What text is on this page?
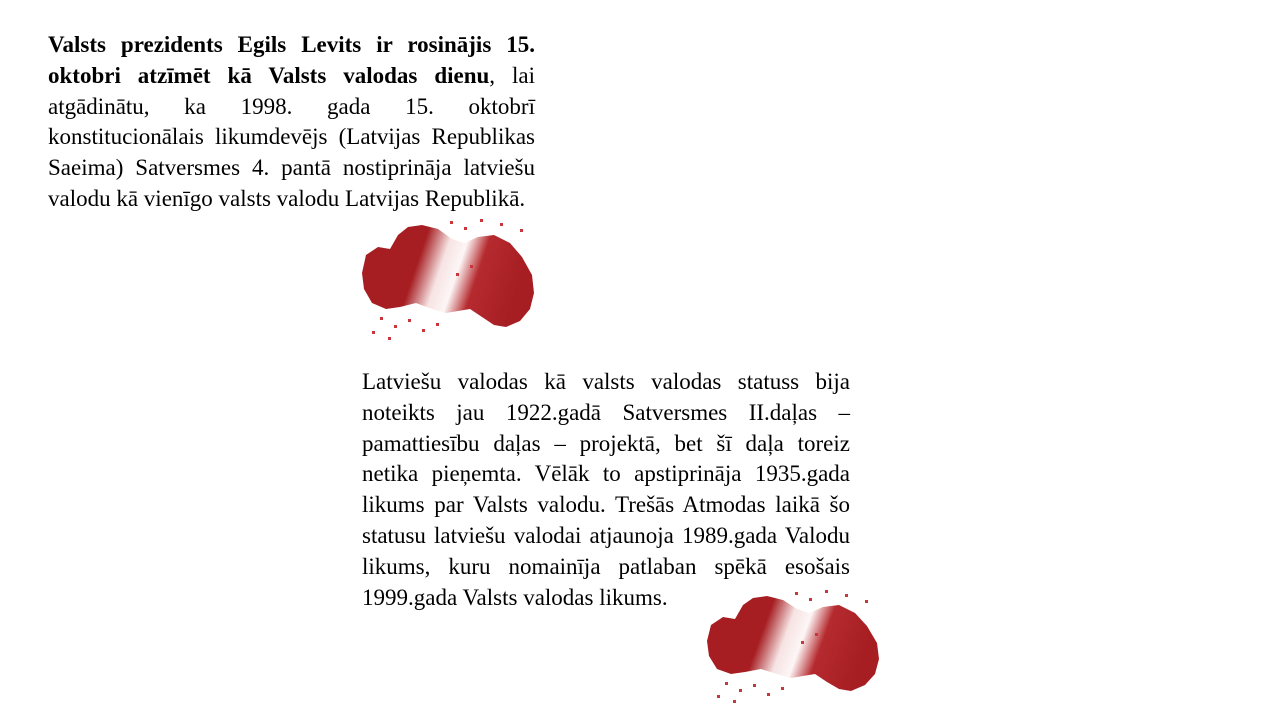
Valsts prezidents Egils Levits ir rosinājis 15. oktobri atzīmēt kā Valsts valodas dienu, lai atgādinātu, ka 1998. gada 15. oktobrī konstitucionālais likumdevējs (Latvijas Republikas Saeima) Satversmes 4. pantā nostiprināja latviešu valodu kā vienīgo valsts valodu Latvijas Republikā.

Latviešu valodas kā valsts valodas statuss bija noteikts jau 1922.gadā Satversmes II.daļas – pamattiesību daļas – projektā, bet šī daļa toreiz netika pieņemta. Vēlāk to apstiprināja 1935.gada likums par Valsts valodu. Trešās Atmodas laikā šo statusu latviešu valodai atjaunoja 1989.gada Valodu likums, kuru nomainīja patlaban spēkā esošais 1999.gada Valsts valodas likums.
